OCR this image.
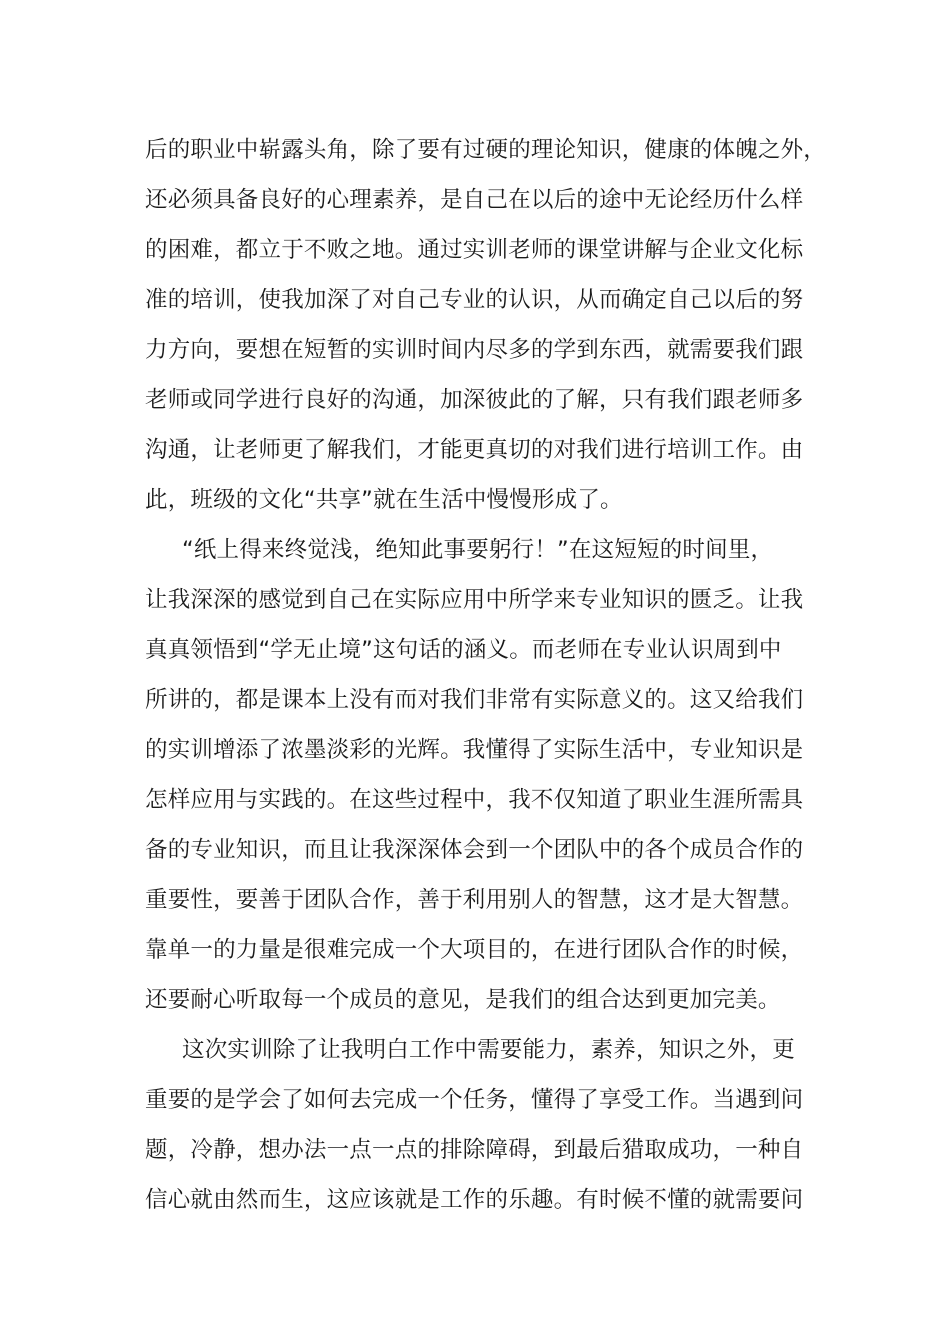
后的职业中崭露头角，除了要有过硬的理论知识，健康的体魄之外，
还必须具备良好的心理素养，是自己在以后的途中无论经历什么样
的困难，都立于不败之地。通过实训老师的课堂讲解与企业文化标
准的培训，使我加深了对自己专业的认识，从而确定自己以后的努
力方向，要想在短暂的实训时间内尽多的学到东西，就需要我们跟
老师或同学进行良好的沟通，加深彼此的了解，只有我们跟老师多
沟通，让老师更了解我们，才能更真切的对我们进行培训工作。由
此，班级的文化“共享”就在生活中慢慢形成了。
“纸上得来终觉浅，绝知此事要躬行！”在这短短的时间里，
让我深深的感觉到自己在实际应用中所学来专业知识的匮乏。让我
真真领悟到“学无止境”这句话的涵义。而老师在专业认识周到中
所讲的，都是课本上没有而对我们非常有实际意义的。这又给我们
的实训增添了浓墨淡彩的光辉。我懂得了实际生活中，专业知识是
怎样应用与实践的。在这些过程中，我不仅知道了职业生涯所需具
备的专业知识，而且让我深深体会到一个团队中的各个成员合作的
重要性，要善于团队合作，善于利用别人的智慧，这才是大智慧。
靠单一的力量是很难完成一个大项目的，在进行团队合作的时候，
还要耐心听取每一个成员的意见，是我们的组合达到更加完美。
这次实训除了让我明白工作中需要能力，素养，知识之外，更
重要的是学会了如何去完成一个任务，懂得了享受工作。当遇到问
题，冷静，想办法一点一点的排除障碍，到最后猎取成功，一种自
信心就由然而生，这应该就是工作的乐趣。有时候不懂的就需要问
